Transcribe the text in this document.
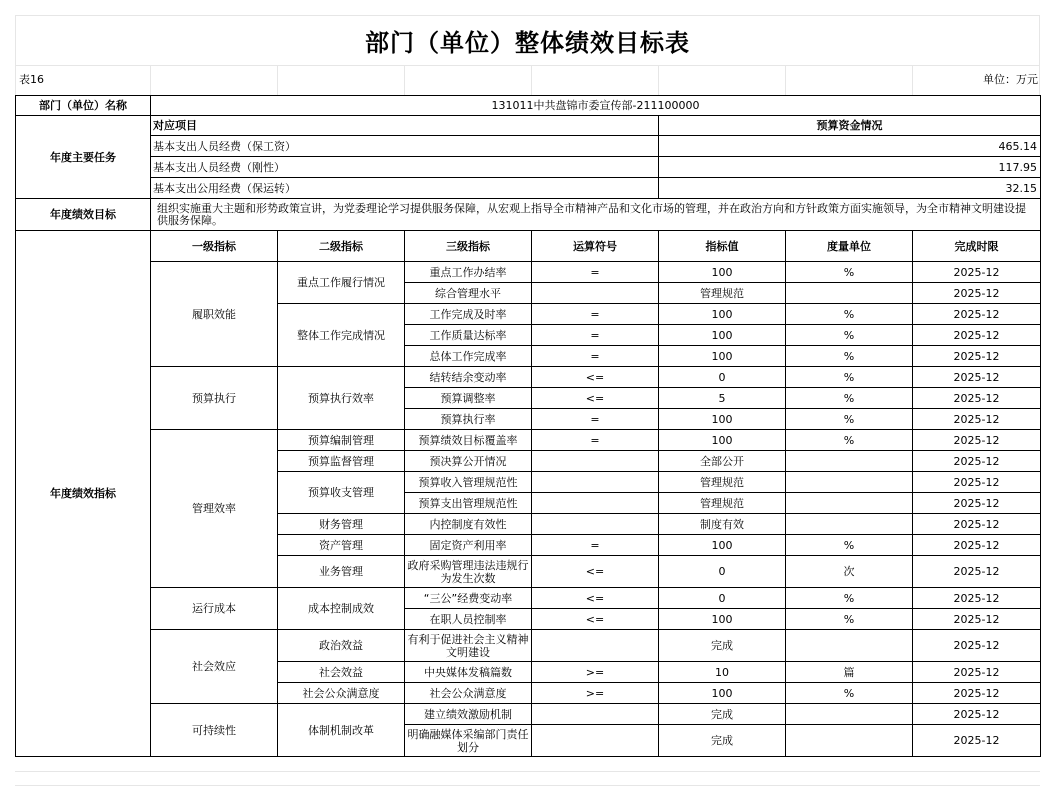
部门（单位）整体绩效目标表
表16	单位：万元
部门（单位）名称	131011中共盘锦市委宣传部-211100000						
年度主要任务	对应项目				预算资金情况		
	基本支出人员经费（保工资）				465.14		
	基本支出人员经费（刚性）				117.95		
	基本支出公用经费（保运转）				32.15		
年度绩效目标	组织实施重大主题和形势政策宣讲，为党委理论学习提供服务保障，从宏观上指导全市精神产品和文化市场的管理，并在政治方向和方针政策方面实施领导，为全市精神文明建设提供服务保障。						
年度绩效指标	一级指标	二级指标	三级指标	运算符号	指标值	度量单位	完成时限
	履职效能	重点工作履行情况	重点工作办结率	=	100	%	2025-12
			综合管理水平		管理规范		2025-12
		整体工作完成情况	工作完成及时率	=	100	%	2025-12
			工作质量达标率	=	100	%	2025-12
			总体工作完成率	=	100	%	2025-12
	预算执行	预算执行效率	结转结余变动率	<=	0	%	2025-12
			预算调整率	<=	5	%	2025-12
			预算执行率	=	100	%	2025-12
	管理效率	预算编制管理	预算绩效目标覆盖率	=	100	%	2025-12
		预算监督管理	预决算公开情况		全部公开		2025-12
		预算收支管理	预算收入管理规范性		管理规范		2025-12
			预算支出管理规范性		管理规范		2025-12
		财务管理	内控制度有效性		制度有效		2025-12
		资产管理	固定资产利用率	=	100	%	2025-12
		业务管理	政府采购管理违法违规行为发生次数	<=	0	次	2025-12
	运行成本	成本控制成效	“三公”经费变动率	<=	0	%	2025-12
			在职人员控制率	<=	100	%	2025-12
	社会效应	政治效益	有利于促进社会主义精神文明建设		完成		2025-12
		社会效益	中央媒体发稿篇数	>=	10	篇	2025-12
		社会公众满意度	社会公众满意度	>=	100	%	2025-12
	可持续性	体制机制改革	建立绩效激励机制		完成		2025-12
			明确融媒体采编部门责任划分		完成		2025-12
